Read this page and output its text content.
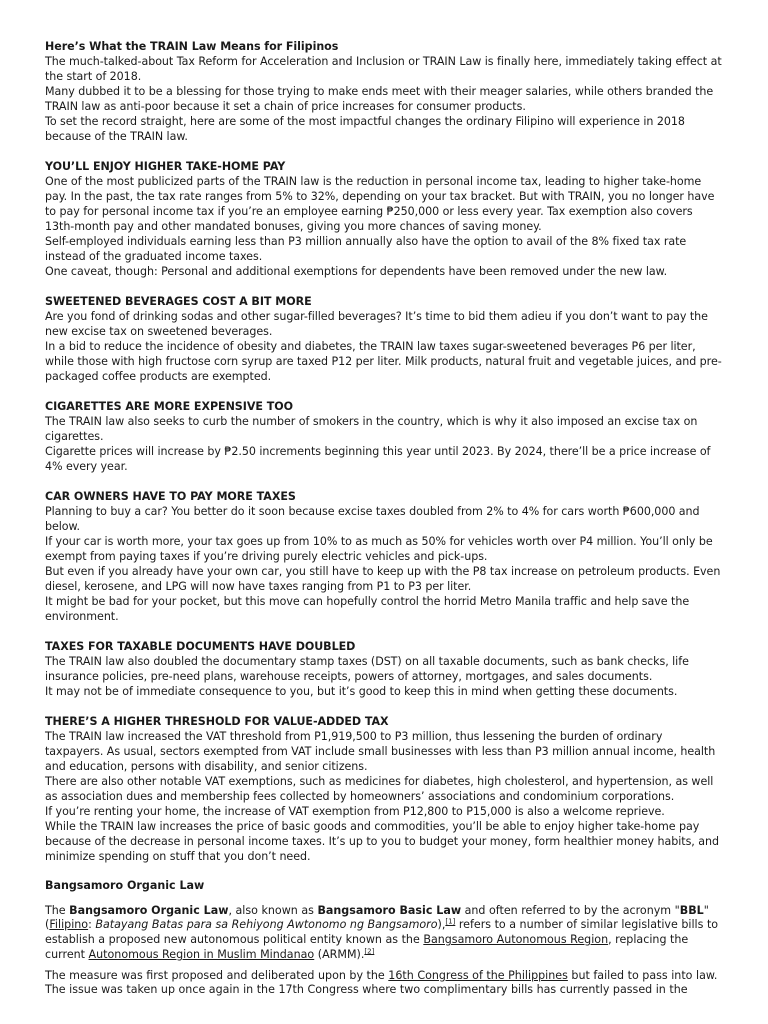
Here’s What the TRAIN Law Means for Filipinos

The much-talked-about Tax Reform for Acceleration and Inclusion or TRAIN Law is finally here, immediately taking effect at the start of 2018.

Many dubbed it to be a blessing for those trying to make ends meet with their meager salaries, while others branded the TRAIN law as anti-poor because it set a chain of price increases for consumer products.

To set the record straight, here are some of the most impactful changes the ordinary Filipino will experience in 2018 because of the TRAIN law.

YOU’LL ENJOY HIGHER TAKE-HOME PAY

One of the most publicized parts of the TRAIN law is the reduction in personal income tax, leading to higher take-home pay. In the past, the tax rate ranges from 5% to 32%, depending on your tax bracket. But with TRAIN, you no longer have to pay for personal income tax if you’re an employee earning ₱250,000 or less every year. Tax exemption also covers 13th-month pay and other mandated bonuses, giving you more chances of saving money.

Self-employed individuals earning less than P3 million annually also have the option to avail of the 8% fixed tax rate instead of the graduated income taxes.

One caveat, though: Personal and additional exemptions for dependents have been removed under the new law.

SWEETENED BEVERAGES COST A BIT MORE

Are you fond of drinking sodas and other sugar-filled beverages? It’s time to bid them adieu if you don’t want to pay the new excise tax on sweetened beverages.

In a bid to reduce the incidence of obesity and diabetes, the TRAIN law taxes sugar-sweetened beverages P6 per liter, while those with high fructose corn syrup are taxed P12 per liter. Milk products, natural fruit and vegetable juices, and pre-packaged coffee products are exempted.

CIGARETTES ARE MORE EXPENSIVE TOO

The TRAIN law also seeks to curb the number of smokers in the country, which is why it also imposed an excise tax on cigarettes.

Cigarette prices will increase by ₱2.50 increments beginning this year until 2023. By 2024, there’ll be a price increase of 4% every year.

CAR OWNERS HAVE TO PAY MORE TAXES

Planning to buy a car? You better do it soon because excise taxes doubled from 2% to 4% for cars worth ₱600,000 and below.

If your car is worth more, your tax goes up from 10% to as much as 50% for vehicles worth over P4 million. You’ll only be exempt from paying taxes if you’re driving purely electric vehicles and pick-ups.

But even if you already have your own car, you still have to keep up with the P8 tax increase on petroleum products. Even diesel, kerosene, and LPG will now have taxes ranging from P1 to P3 per liter.

It might be bad for your pocket, but this move can hopefully control the horrid Metro Manila traffic and help save the environment.

TAXES FOR TAXABLE DOCUMENTS HAVE DOUBLED

The TRAIN law also doubled the documentary stamp taxes (DST) on all taxable documents, such as bank checks, life insurance policies, pre-need plans, warehouse receipts, powers of attorney, mortgages, and sales documents.

It may not be of immediate consequence to you, but it’s good to keep this in mind when getting these documents.

THERE’S A HIGHER THRESHOLD FOR VALUE-ADDED TAX

The TRAIN law increased the VAT threshold from P1,919,500 to P3 million, thus lessening the burden of ordinary taxpayers. As usual, sectors exempted from VAT include small businesses with less than P3 million annual income, health and education, persons with disability, and senior citizens.

There are also other notable VAT exemptions, such as medicines for diabetes, high cholesterol, and hypertension, as well as association dues and membership fees collected by homeowners’ associations and condominium corporations.

If you’re renting your home, the increase of VAT exemption from P12,800 to P15,000 is also a welcome reprieve.

While the TRAIN law increases the price of basic goods and commodities, you’ll be able to enjoy higher take-home pay because of the decrease in personal income taxes. It’s up to you to budget your money, form healthier money habits, and minimize spending on stuff that you don’t need.

Bangsamoro Organic Law

The Bangsamoro Organic Law, also known as Bangsamoro Basic Law and often referred to by the acronym "BBL" (Filipino: Batayang Batas para sa Rehiyong Awtonomo ng Bangsamoro),[1] refers to a number of similar legislative bills to establish a proposed new autonomous political entity known as the Bangsamoro Autonomous Region, replacing the current Autonomous Region in Muslim Mindanao (ARMM).[2]

The measure was first proposed and deliberated upon by the 16th Congress of the Philippines but failed to pass into law. The issue was taken up once again in the 17th Congress where two complimentary bills has currently passed in the
